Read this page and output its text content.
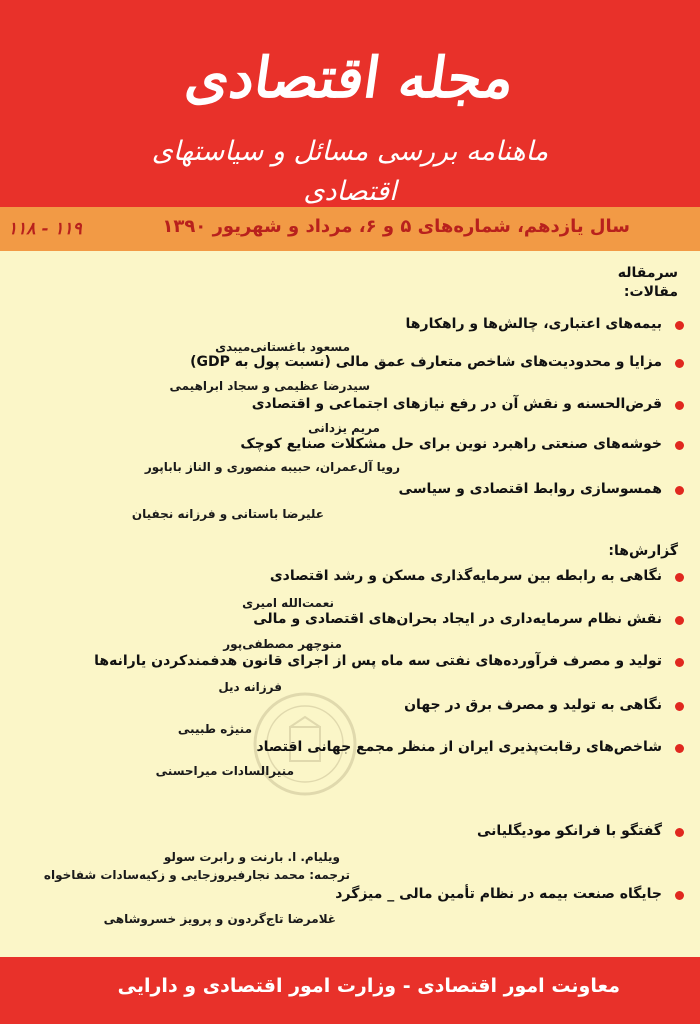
مجله اقتصادی
ماهنامه بررسی مسائل و سیاستهای اقتصادی
سال یازدهم، شماره‌های ۵ و ۶، مرداد و شهریور ۱۳۹۰
۱۱۹ - ۱۱۸
سرمقاله
مقالات:
بیمه‌های اعتباری، چالش‌ها و راهکارها
مسعود باغستانی‌میبدی
مزایا و محدودیت‌های شاخص متعارف عمق مالی (نسبت پول به GDP)
سیدرضا عظیمی و سجاد ابراهیمی
قرض‌الحسنه و نقش آن در رفع نیازهای اجتماعی و اقتصادی
مریم یزدانی
خوشه‌های صنعتی راهبرد نوین برای حل مشکلات صنایع کوچک
رویا آل‌عمران، حبیبه منصوری و الناز باباپور
همسوسازی روابط اقتصادی و سیاسی
علیرضا باستانی و فرزانه نجفیان
گزارش‌ها:
نگاهی به رابطه بین سرمایه‌گذاری مسکن و رشد اقتصادی
نعمت‌الله امیری
نقش نظام سرمایه‌داری در ایجاد بحران‌های اقتصادی و مالی
منوچهر مصطفی‌پور
تولید و مصرف فرآورده‌های نفتی سه ماه پس از اجرای قانون هدفمندکردن یارانه‌ها
فرزانه دیل
نگاهی به تولید و مصرف برق در جهان
منیژه طبیبی
شاخص‌های رقابت‌پذیری ایران از منظر مجمع جهانی اقتصاد
منیرالسادات میراحسنی
گفتگو با فرانکو مودیگلیانی
ویلیام. ا. بارنت و رابرت سولو
ترجمه: محمد نجارفیروزجایی و زکیه‌سادات شفاخواه
جایگاه صنعت بیمه در نظام تأمین مالی _ میزگرد
غلامرضا تاج‌گردون و پرویز خسروشاهی
معاونت امور اقتصادی - وزارت امور اقتصادی و دارایی
